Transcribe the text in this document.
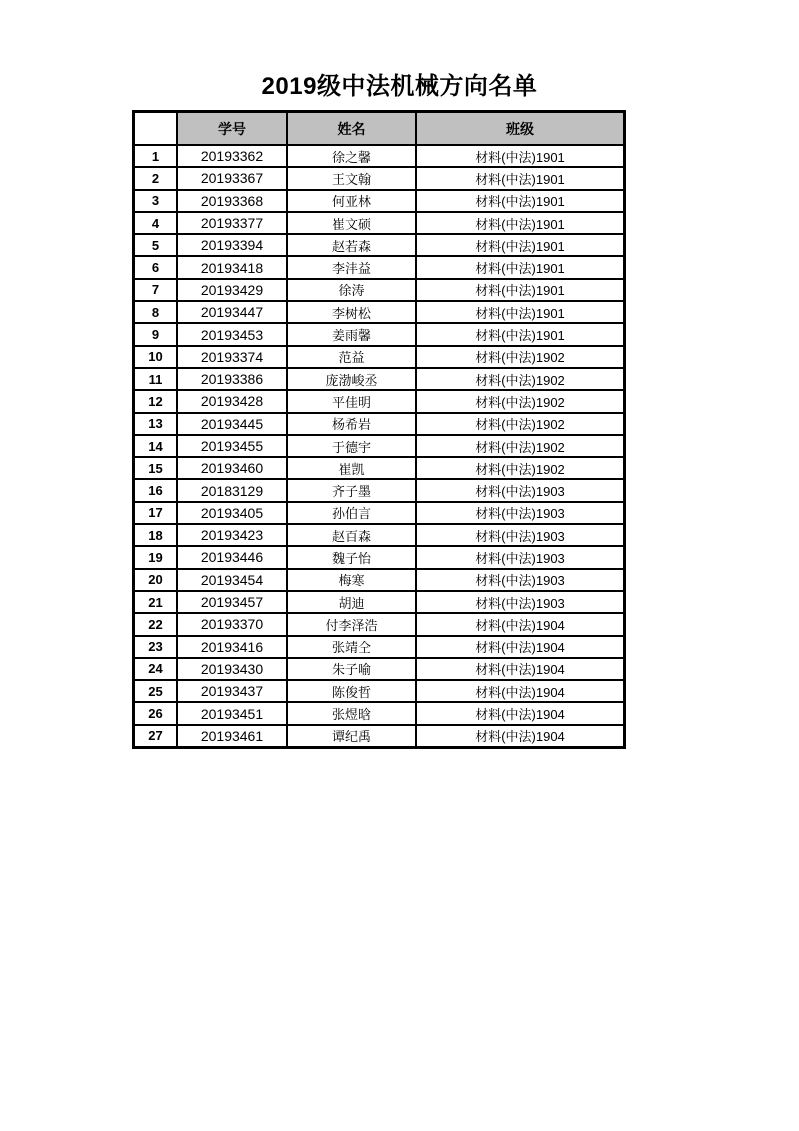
2019级中法机械方向名单
	学号	姓名	班级
1	20193362	徐之馨	材料(中法)1901
2	20193367	王文翰	材料(中法)1901
3	20193368	何亚林	材料(中法)1901
4	20193377	崔文硕	材料(中法)1901
5	20193394	赵若森	材料(中法)1901
6	20193418	李沣益	材料(中法)1901
7	20193429	徐涛	材料(中法)1901
8	20193447	李树松	材料(中法)1901
9	20193453	姜雨馨	材料(中法)1901
10	20193374	范益	材料(中法)1902
11	20193386	庞渤峻丞	材料(中法)1902
12	20193428	平佳明	材料(中法)1902
13	20193445	杨希岩	材料(中法)1902
14	20193455	于德宇	材料(中法)1902
15	20193460	崔凯	材料(中法)1902
16	20183129	齐子墨	材料(中法)1903
17	20193405	孙伯言	材料(中法)1903
18	20193423	赵百森	材料(中法)1903
19	20193446	魏子怡	材料(中法)1903
20	20193454	梅寒	材料(中法)1903
21	20193457	胡迪	材料(中法)1903
22	20193370	付李泽浩	材料(中法)1904
23	20193416	张靖仝	材料(中法)1904
24	20193430	朱子喻	材料(中法)1904
25	20193437	陈俊哲	材料(中法)1904
26	20193451	张煜晗	材料(中法)1904
27	20193461	谭纪禹	材料(中法)1904
